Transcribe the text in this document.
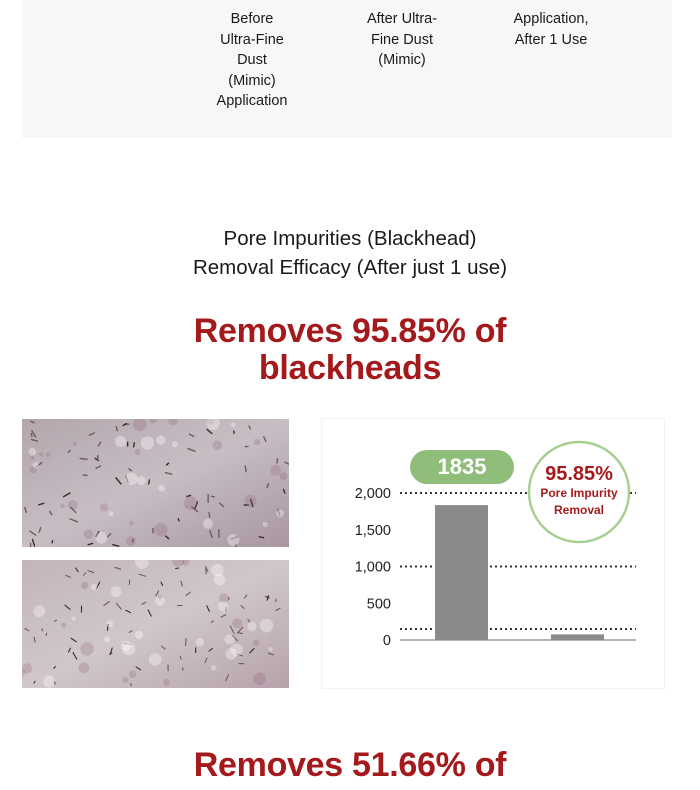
Before
Ultra-Fine
Dust
(Mimic)
Application
After Ultra-
Fine Dust
(Mimic)
Application,
After 1 Use
Pore Impurities (Blackhead)
Removal Efficacy (After just 1 use)
Removes 95.85% of
blackheads
0
500
1,000
1,500
2,000
1835	95.85%
Pore Impurity
Removal
Removes 51.66% of
